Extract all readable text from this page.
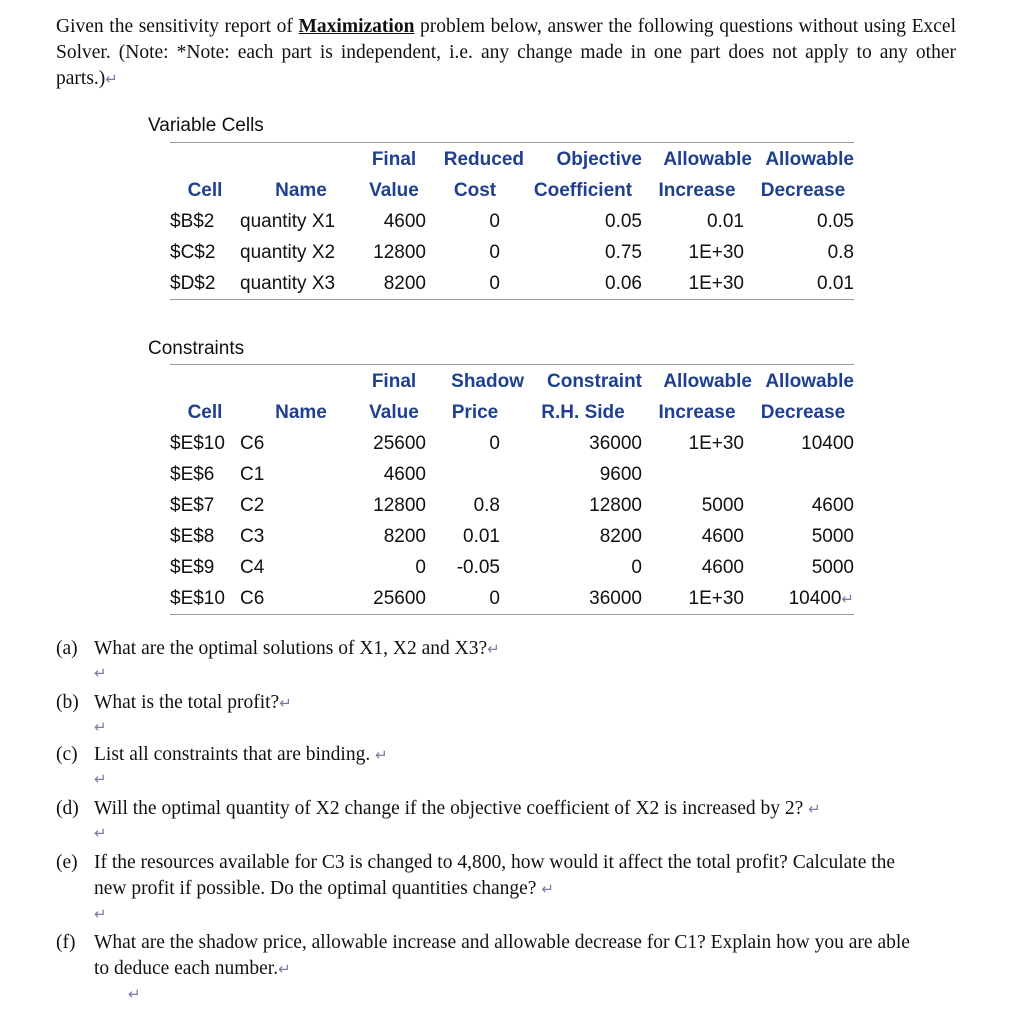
Given the sensitivity report of Maximization problem below, answer the following questions without using Excel Solver. (Note: *Note: each part is independent, i.e. any change made in one part does not apply to any other parts.)↵
Variable Cells
		Final	Reduced	Objective	Allowable	Allowable
Cell	Name	Value	Cost	Coefficient	Increase	Decrease
$B$2	quantity X1	4600	0	0.05	0.01	0.05
$C$2	quantity X2	12800	0	0.75	1E+30	0.8
$D$2	quantity X3	8200	0	0.06	1E+30	0.01
Constraints
		Final	Shadow	Constraint	Allowable	Allowable
Cell	Name	Value	Price	R.H. Side	Increase	Decrease
$E$10	C6	25600	0	36000	1E+30	10400
$E$6	C1	4600		9600		
$E$7	C2	12800	0.8	12800	5000	4600
$E$8	C3	8200	0.01	8200	4600	5000
$E$9	C4	0	-0.05	0	4600	5000
$E$10	C6	25600	0	36000	1E+30	10400↵
(a) What are the optimal solutions of X1, X2 and X3?↵
↵
(b) What is the total profit?↵
↵
(c) List all constraints that are binding. ↵
↵
(d) Will the optimal quantity of X2 change if the objective coefficient of X2 is increased by 2? ↵
↵
(e) If the resources available for C3 is changed to 4,800, how would it affect the total profit? Calculate the new profit if possible. Do the optimal quantities change? ↵
↵
(f) What are the shadow price, allowable increase and allowable decrease for C1? Explain how you are able to deduce each number.↵
↵
